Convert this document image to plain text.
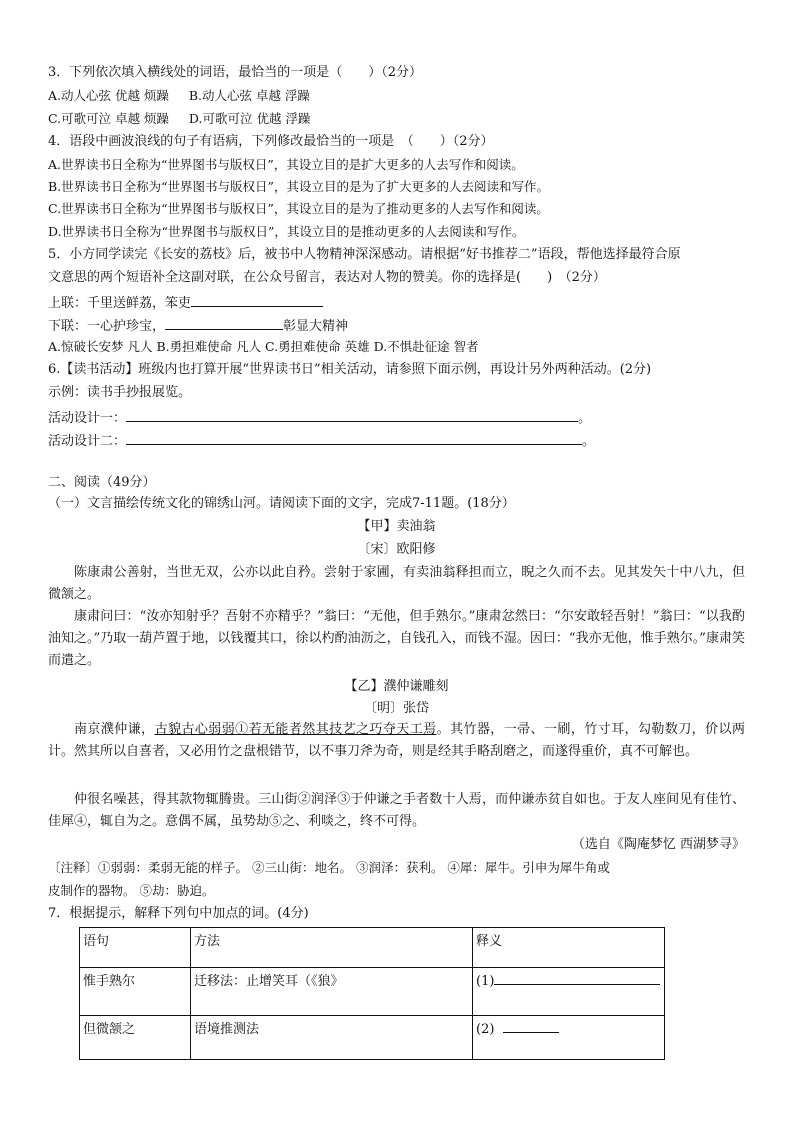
3．下列依次填入横线处的词语，最恰当的一项是（　　）（2分）
A.动人心弦 优越 烦躁 B.动人心弦 卓越 浮躁
C.可歌可泣 卓越 烦躁 D.可歌可泣 优越 浮躁
4．语段中画波浪线的句子有语病，下列修改最恰当的一项是　（　　）（2分）
A.世界读书日全称为“世界图书与版权日”，其设立目的是扩大更多的人去写作和阅读。
B.世界读书日全称为“世界图书与版权日”，其设立目的是为了扩大更多的人去阅读和写作。
C.世界读书日全称为“世界图书与版权日”，其设立目的是为了推动更多的人去写作和阅读。
D.世界读书日全称为“世界图书与版权日”，其设立目的是推动更多的人去阅读和写作。
5．小方同学读完《长安的荔枝》后，被书中人物精神深深感动。请根据“好书推荐二”语段，帮他选择最符合原
文意思的两个短语补全这副对联，在公众号留言，表达对人物的赞美。你的选择是(　　)　（2分）
上联：千里送鲜荔，笨吏
下联：一心护珍宝，	彰显大精神
A.惊破长安梦 凡人 B.勇担难使命 凡人 C.勇担难使命 英雄 D.不惧赴征途 智者
6.【读书活动】班级内也打算开展“世界读书日”相关活动，请参照下面示例，再设计另外两种活动。(2分)
示例：读书手抄报展览。
活动设计一：	。
活动设计二：	。
二、阅读（49分）
（一）文言描绘传统文化的锦绣山河。请阅读下面的文字，完成7-11题。(18分）
【甲】卖油翁
〔宋〕欧阳修
陈康肃公善射，当世无双，公亦以此自矜。尝射于家圃，有卖油翁释担而立，睨之久而不去。见其发矢十中八九，但微颔之。
康肃问曰：“汝亦知射乎？吾射不亦精乎？”翁曰：“无他，但手熟尔。”康肃忿然曰：“尔安敢轻吾射！”翁曰：“以我酌油知之。”乃取一葫芦置于地，以钱覆其口，徐以杓酌油沥之，自钱孔入，而钱不湿。因曰：“我亦无他，惟手熟尔。”康肃笑而遣之。
【乙】濮仲谦雕刻
〔明〕张岱
南京濮仲谦，古貌古心弱弱①若无能者然其技艺之巧夺天工焉。其竹器，一帚、一刷，竹寸耳，勾勒数刀，价以两计。然其所以自喜者，又必用竹之盘根错节，以不事刀斧为奇，则是经其手略刮磨之，而遂得重价，真不可解也。
仲很名噪甚，得其款物辄腾贵。三山街②润泽③于仲谦之手者数十人焉，而仲谦赤贫自如也。于友人座间见有佳竹、佳犀④，辄自为之。意偶不属，虽势劫⑤之、利啖之，终不可得。
（选自《陶庵梦忆 西湖梦寻》
〔注释〕①弱弱：柔弱无能的样子。 ②三山街：地名。 ③润泽：获利。 ④犀：犀牛。引申为犀牛角或
皮制作的器物。 ⑤劫：胁迫。
7．根据提示，解释下列句中加点的词。(4分)
语句	方法	释义
惟手熟尔	迁移法：止增笑耳（《狼》	(1)
但微颔之	语境推测法	(2)
